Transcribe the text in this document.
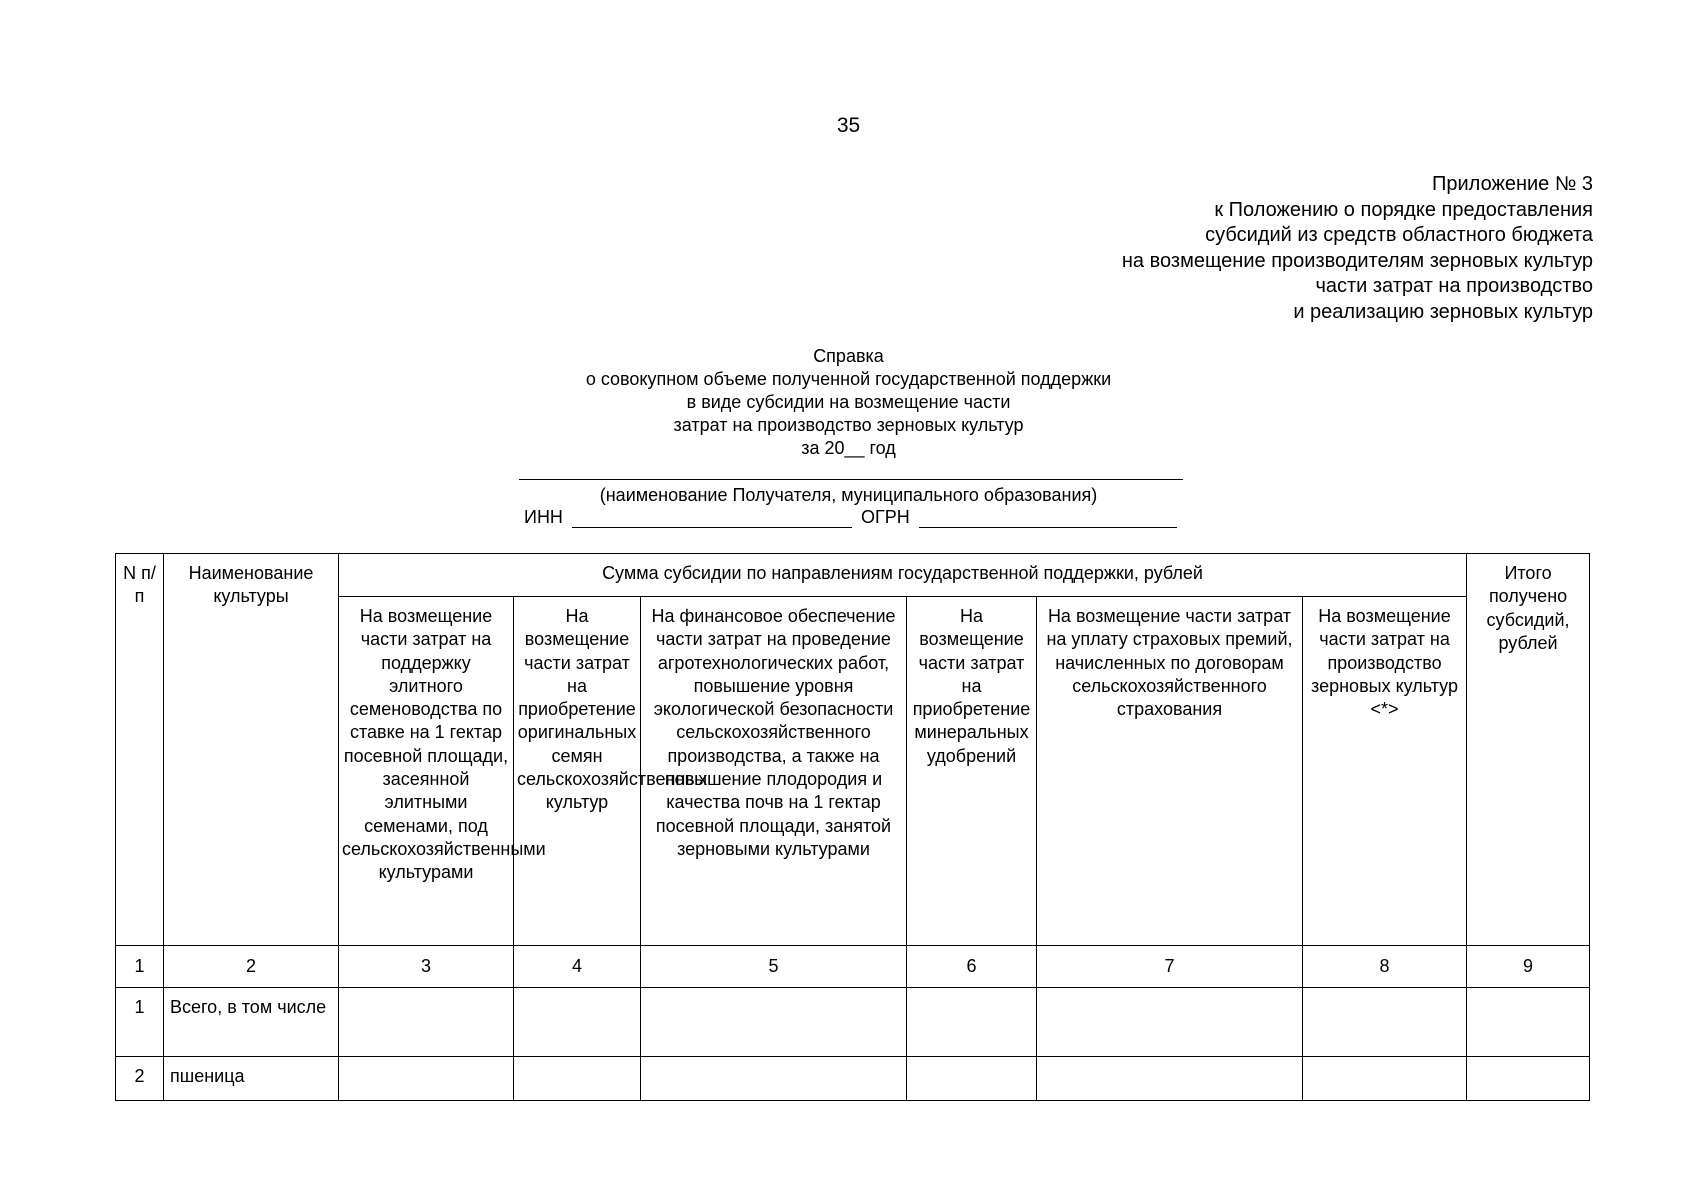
35
Приложение № 3
к Положению о порядке предоставления
субсидий из средств областного бюджета
на возмещение производителям зерновых культур
части затрат на производство
и реализацию зерновых культур
Справка
о совокупном объеме полученной государственной поддержки
в виде субсидии на возмещение части
затрат на производство зерновых культур
за 20__ год
(наименование Получателя, муниципального образования)
ИНН	ОГРН
N п/п	Наименование культуры	Сумма субсидии по направлениям государственной поддержки, рублей						Итого получено субсидий, рублей
		На возмещение части затрат на поддержку элитного семеноводства по ставке на 1 гектар посевной площади, засеянной элитными семенами, под сельскохозяйственными культурами	На возмещение части затрат на приобретение оригинальных семян сельскохозяйственных культур	На финансовое обеспечение части затрат на проведение агротехнологических работ, повышение уровня экологической безопасности сельскохозяйственного производства, а также на повышение плодородия и качества почв на 1 гектар посевной площади, занятой зерновыми культурами	На возмещение части затрат на приобретение минеральных удобрений	На возмещение части затрат на уплату страховых премий, начисленных по договорам сельскохозяйственного страхования	На возмещение части затрат на производство зерновых культур <*>	
1	2	3	4	5	6	7	8	9
1	Всего, в том числе							
2	пшеница							
